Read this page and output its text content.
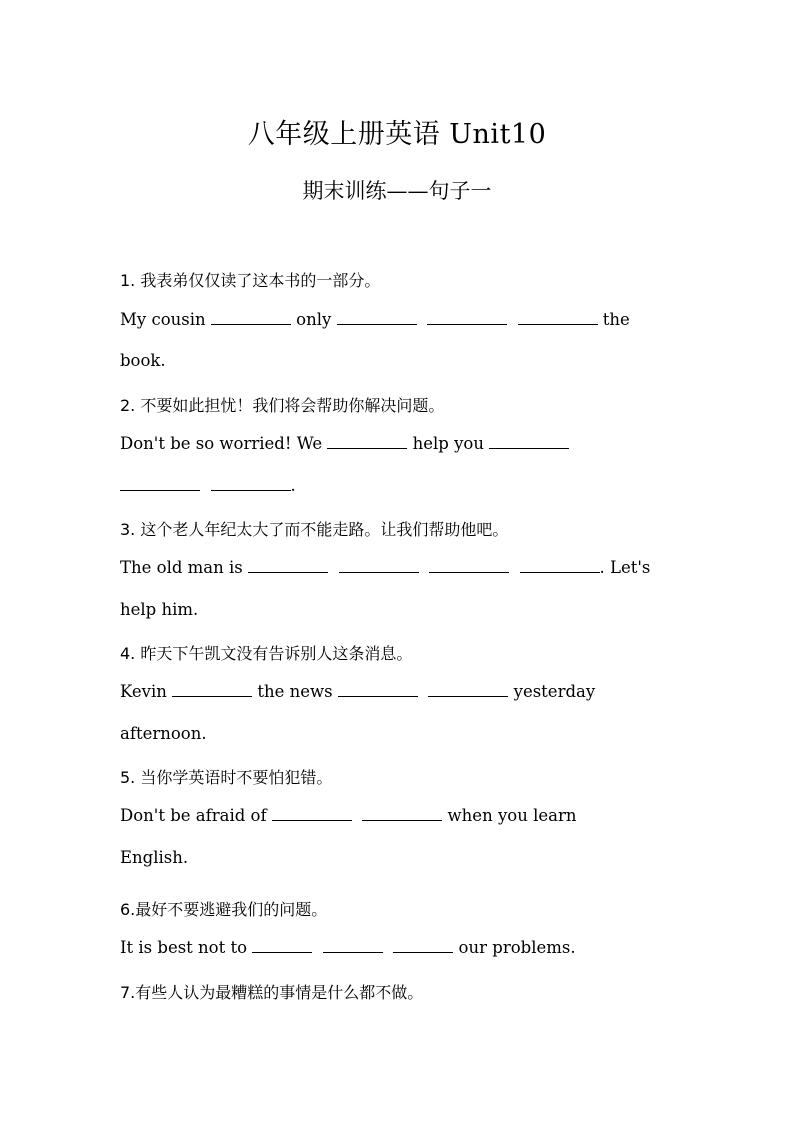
八年级上册英语 Unit10
期末训练——句子一
1. 我表弟仅仅读了这本书的一部分。
My cousin	only	the
book.
2. 不要如此担忧！我们将会帮助你解决问题。
Don't be so worried! We	help you
.
3. 这个老人年纪太大了而不能走路。让我们帮助他吧。
The old man is	. Let's
help him.
4. 昨天下午凯文没有告诉别人这条消息。
Kevin	the news	yesterday
afternoon.
5. 当你学英语时不要怕犯错。
Don't be afraid of	when you learn
English.
6.最好不要逃避我们的问题。
It is best not to	our problems.
7.有些人认为最糟糕的事情是什么都不做。
